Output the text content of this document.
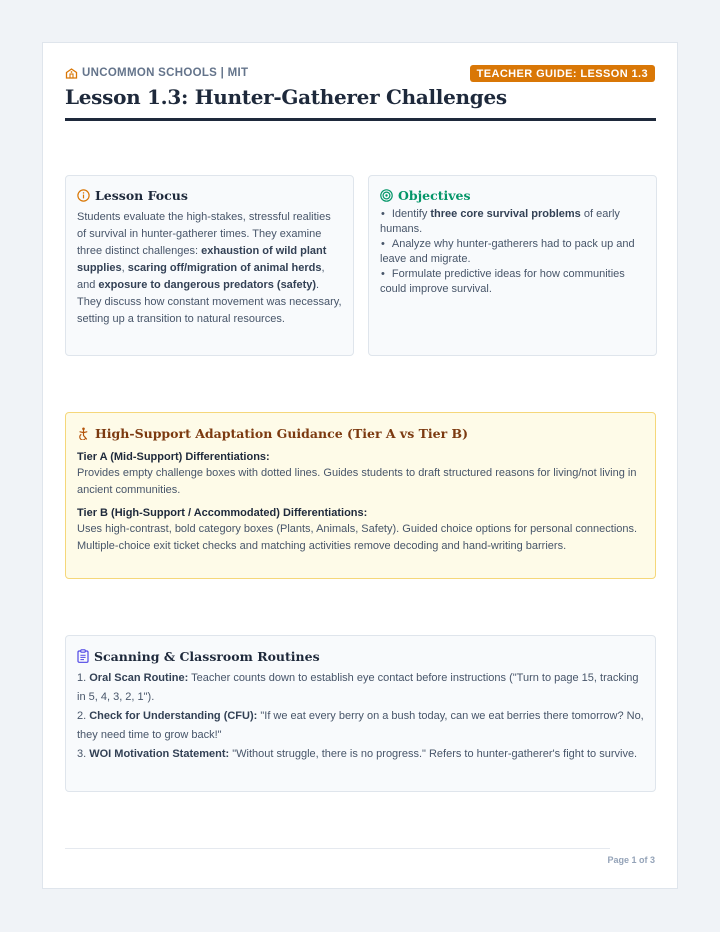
UNCOMMON SCHOOLS | MIT	TEACHER GUIDE: LESSON 1.3
Lesson 1.3: Hunter-Gatherer Challenges
Lesson Focus

Students evaluate the high-stakes, stressful realities of survival in hunter-gatherer times. They examine three distinct challenges: exhaustion of wild plant supplies, scaring off/migration of animal herds, and exposure to dangerous predators (safety). They discuss how constant movement was necessary, setting up a transition to natural resources.

Objectives
• Identify three core survival problems of early humans.
• Analyze why hunter-gatherers had to pack up and leave and migrate.
• Formulate predictive ideas for how communities could improve survival.
High-Support Adaptation Guidance (Tier A vs Tier B)
Tier A (Mid-Support) Differentiations:

Provides empty challenge boxes with dotted lines. Guides students to draft structured reasons for living/not living in ancient communities.

Tier B (High-Support / Accommodated) Differentiations:

Uses high-contrast, bold category boxes (Plants, Animals, Safety). Guided choice options for personal connections. Multiple-choice exit ticket checks and matching activities remove decoding and hand-writing barriers.

Scanning & Classroom Routines

1. Oral Scan Routine: Teacher counts down to establish eye contact before instructions ("Turn to page 15, tracking in 5, 4, 3, 2, 1").

2. Check for Understanding (CFU): "If we eat every berry on a bush today, can we eat berries there tomorrow? No, they need time to grow back!"

3. WOI Motivation Statement: "Without struggle, there is no progress." Refers to hunter-gatherer's fight to survive.

Page 1 of 3
